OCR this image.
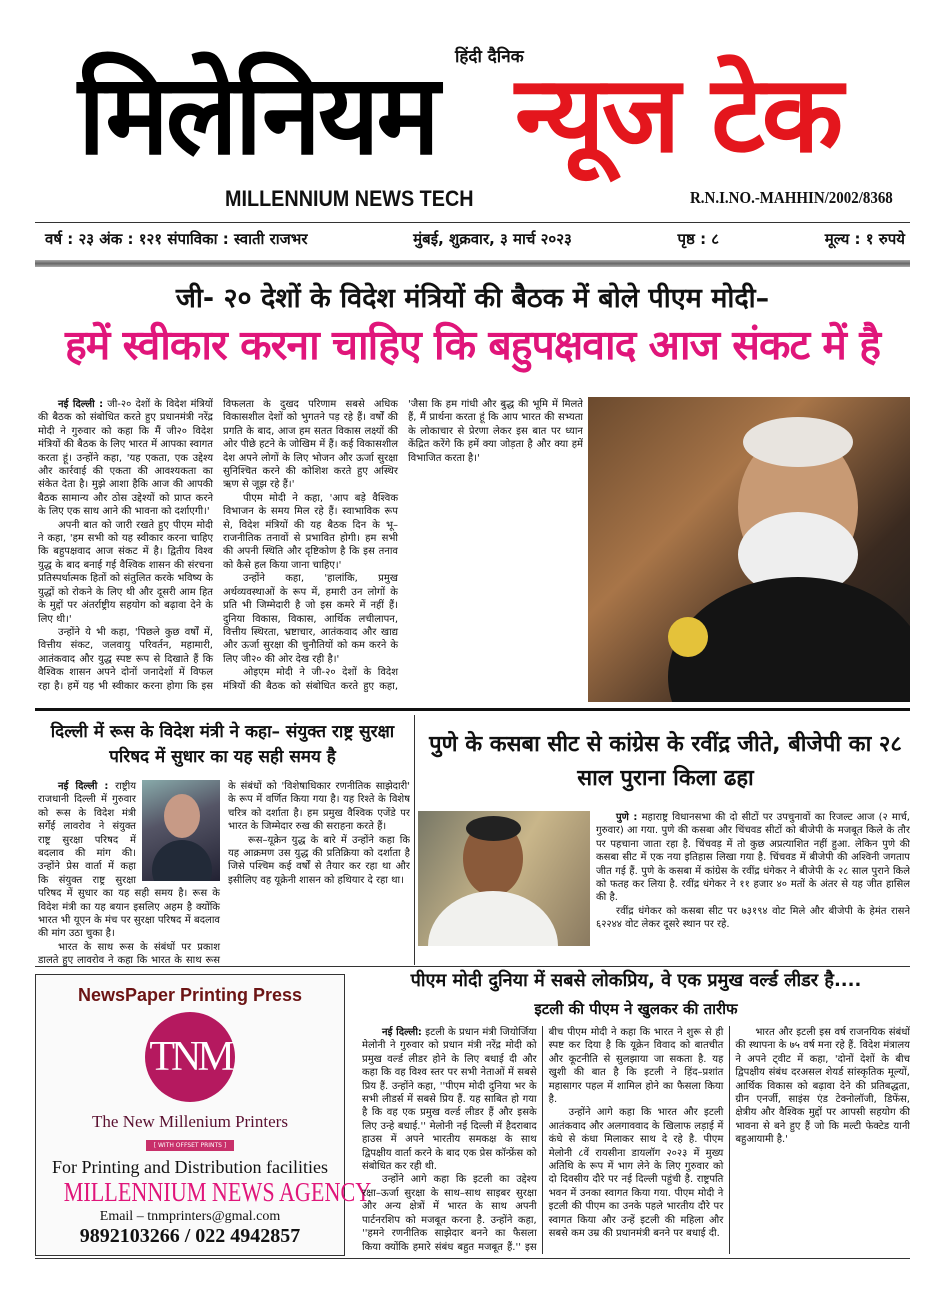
हिंदी दैनिक
मिलेनियम न्यूज टेक
MILLENNIUM NEWS TECH	R.N.I.NO.-MAHHIN/2002/8368
वर्ष : २३ अंक : १२१ संपाविका : स्वाती राजभर	मुंबई, शुक्रवार, ३ मार्च २०२३	पृष्ठ : ८	मूल्य : १ रुपये
जी- २० देशों के विदेश मंत्रियों की बैठक में बोले पीएम मोदी–
हमें स्वीकार करना चाहिए कि बहुपक्षवाद आज संकट में है

नई दिल्ली : जी-२० देशों के विदेश मंत्रियों की बैठक को संबोधित करते हुए प्रधानमंत्री नरेंद्र मोदी ने गुरुवार को कहा कि मैं जी२० विदेश मंत्रियों की बैठक के लिए भारत में आपका स्वागत करता हूं। उन्होंने कहा, 'यह एकता, एक उद्देश्य और कार्रवाई की एकता की आवश्यकता का संकेत देता है। मुझे आशा हैकि आज की आपकी बैठक सामान्य और ठोस उद्देश्यों को प्राप्त करने के लिए एक साथ आने की भावना को दर्शाएगी।'

अपनी बात को जारी रखते हुए पीएम मोदी ने कहा, 'हम सभी को यह स्वीकार करना चाहिए कि बहुपक्षवाद आज संकट में है। द्वितीय विश्व युद्ध के बाद बनाई गई वैश्विक शासन की संरचना प्रतिस्पर्धात्मक हितों को संतुलित करके भविष्य के युद्धों को रोकने के लिए थी और दूसरी आम हित के मुद्दों पर अंतर्राष्ट्रीय सहयोग को बढ़ावा देने के लिए थी।'

उन्होंने ये भी कहा, 'पिछले कुछ वर्षों में, वित्तीय संकट, जलवायु परिवर्तन, महामारी, आतंकवाद और युद्ध स्पष्ट रूप से दिखाते हैं कि वैश्विक शासन अपने दोनों जनादेशों में विफल रहा है। हमें यह भी स्वीकार करना होगा कि इस विफलता के दुखद परिणाम सबसे अधिक विकासशील देशों को भुगतने पड़ रहे हैं। वर्षों की प्रगति के बाद, आज हम सतत विकास लक्ष्यों की ओर पीछे हटने के जोखिम में हैं। कई विकासशील देश अपने लोगों के लिए भोजन और ऊर्जा सुरक्षा सुनिश्चित करने की कोशिश करते हुए अस्थिर ऋण से जूझ रहे हैं।'

पीएम मोदी ने कहा, 'आप बड़े वैश्विक विभाजन के समय मिल रहे हैं। स्वाभाविक रूप से, विदेश मंत्रियों की यह बैठक दिन के भू–राजनीतिक तनावों से प्रभावित होगी। हम सभी की अपनी स्थिति और दृष्टिकोण है कि इस तनाव को कैसे हल किया जाना चाहिए।'

उन्होंने कहा, 'हालांकि, प्रमुख अर्थव्यवस्थाओं के रूप में, हमारी उन लोगों के प्रति भी जिम्मेदारी है जो इस कमरे में नहीं हैं। दुनिया विकास, विकास, आर्थिक लचीलापन, वित्तीय स्थिरता, भ्रष्टाचार, आतंकवाद और खाद्य और ऊर्जा सुरक्षा की चुनौतियों को कम करने के लिए जी२० की ओर देख रही है।'

ओइएम मोदी ने जी-२० देशों के विदेश मंत्रियों की बैठक को संबोधित करते हुए कहा, 'जैसा कि हम गांधी और बुद्ध की भूमि में मिलते हैं, मैं प्रार्थना करता हूं कि आप भारत की सभ्यता के लोकाचार से प्रेरणा लेकर इस बात पर ध्यान केंद्रित करेंगे कि हमें क्या जोड़ता है और क्या हमें विभाजित करता है।'

दिल्ली में रूस के विदेश मंत्री ने कहा– संयुक्त राष्ट्र सुरक्षा परिषद में सुधार का यह सही समय है

नई दिल्ली : राष्ट्रीय राजधानी दिल्ली में गुरुवार को रूस के विदेश मंत्री सर्गेई लावरोव ने संयुक्त राष्ट्र सुरक्षा परिषद में बदलाव की मांग की। उन्होंने प्रेस वार्ता में कहा कि संयुक्त राष्ट्र सुरक्षा परिषद में सुधार का यह सही समय है। रूस के विदेश मंत्री का यह बयान इसलिए अहम है क्योंकि भारत भी यूएन के मंच पर सुरक्षा परिषद में बदलाव की मांग उठा चुका है।

भारत के साथ रूस के संबंधों पर प्रकाश डालते हुए लावरोव ने कहा कि भारत के साथ रूस के संबंधों को 'विशेषाधिकार रणनीतिक साझेदारी' के रूप में वर्णित किया गया है। यह रिश्ते के विशेष चरित्र को दर्शाता है। हम प्रमुख वैश्विक एजेंडे पर भारत के जिम्मेदार रुख की सराहना करते हैं।

रूस–यूक्रेन युद्ध के बारे में उन्होंने कहा कि यह आक्रमण उस युद्ध की प्रतिक्रिया को दर्शाता है जिसे पश्चिम कई वर्षों से तैयार कर रहा था और इसीलिए वह यूक्रेनी शासन को हथियार दे रहा था।

पुणे के कसबा सीट से कांग्रेस के रवींद्र जीते, बीजेपी का २८ साल पुराना किला ढहा

पुणे : महाराष्ट्र विधानसभा की दो सीटों पर उपचुनावों का रिजल्ट आज (२ मार्च, गुरुवार) आ गया. पुणे की कसबा और चिंचवड सीटों को बीजेपी के मजबूत किले के तौर पर पहचाना जाता रहा है. चिंचवड़ में तो कुछ अप्रत्याशित नहीं हुआ. लेकिन पुणे की कसबा सीट में एक नया इतिहास लिखा गया है. चिंचवड में बीजेपी की अश्विनी जगताप जीत गई हैं. पुणे के कसबा में कांग्रेस के रवींद्र धंगेकर ने बीजेपी के २८ साल पुराने किले को फतह कर लिया है. रवींद्र धंगेकर ने ११ हजार ४० मतों के अंतर से यह जीत हासिल की है.

रवींद्र धंगेकर को कसबा सीट पर ७३१९४ वोट मिले और बीजेपी के हेमंत रासने ६२२४४ वोट लेकर दूसरे स्थान पर रहे.

NewsPaper Printing Press
TNM
The New Millenium Printers
[ WITH OFFSET PRINTS ]
For Printing and Distribution facilities
MILLENNIUM NEWS AGENCY
Email – tnmprinters@gmal.com
9892103266 / 022 4942857
पीएम मोदी दुनिया में सबसे लोकप्रिय, वे एक प्रमुख वर्ल्ड लीडर है....
इटली की पीएम ने खुलकर की तारीफ

नई दिल्ली: इटली के प्रधान मंत्री जियोर्जिया मेलोनी ने गुरुवार को प्रधान मंत्री नरेंद्र मोदी को प्रमुख वर्ल्ड लीडर होने के लिए बधाई दी और कहा कि वह विश्व स्तर पर सभी नेताओं में सबसे प्रिय हैं. उन्होंने कहा, ''पीएम मोदी दुनिया भर के सभी लीडर्स में सबसे प्रिय हैं. यह साबित हो गया है कि वह एक प्रमुख वर्ल्ड लीडर हैं और इसके लिए उन्हे बधाई.'' मेलोनी नई दिल्ली में हैदराबाद हाउस में अपने भारतीय समकक्ष के साथ द्विपक्षीय वार्ता करने के बाद एक प्रेस कॉन्फ्रेंस को संबोधित कर रही थी.

उन्होंने आगे कहा कि इटली का उद्देश्य रक्षा–ऊर्जा सुरक्षा के साथ–साथ साइबर सुरक्षा और अन्य क्षेत्रों में भारत के साथ अपनी पार्टनरशिप को मजबूत करना है. उन्होंने कहा, ''हमने रणनीतिक साझेदार बनने का फैसला किया क्योंकि हमारे संबंध बहुत मजबूत हैं.'' इस बीच पीएम मोदी ने कहा कि भारत ने शुरू से ही स्पष्ट कर दिया है कि यूक्रेन विवाद को बातचीत और कूटनीति से सुलझाया जा सकता है. यह खुशी की बात है कि इटली ने हिंद–प्रशांत महासागर पहल में शामिल होने का फैसला किया है.

उन्होंने आगे कहा कि भारत और इटली आतंकवाद और अलगाववाद के खिलाफ लड़ाई में कंधे से कंधा मिलाकर साथ दे रहे है. पीएम मेलोनी ८वें रायसीना डायलॉग २०२३ में मुख्य अतिथि के रूप में भाग लेने के लिए गुरुवार को दो दिवसीय दौरे पर नई दिल्ली पहुंची है. राष्ट्रपति भवन में उनका स्वागत किया गया. पीएम मोदी ने इटली की पीएम का उनके पहले भारतीय दौरे पर स्वागत किया और उन्हें इटली की महिला और सबसे कम उम्र की प्रधानमंत्री बनने पर बधाई दी.

भारत और इटली इस वर्ष राजनयिक संबंधों की स्थापना के ७५ वर्ष मना रहे हैं. विदेश मंत्रालय ने अपने ट्वीट में कहा, 'दोनों देशों के बीच द्विपक्षीय संबंध दरअसल शेयर्ड सांस्कृतिक मूल्यों, आर्थिक विकास को बढ़ावा देने की प्रतिबद्धता, ग्रीन एनर्जी, साइंस एंड टेक्नोलॉजी, डिफेंस, क्षेत्रीय और वैश्विक मुद्दों पर आपसी सहयोग की भावना से बने हुए हैं जो कि मल्टी फेक्टेड यानी बहुआयामी है.'
